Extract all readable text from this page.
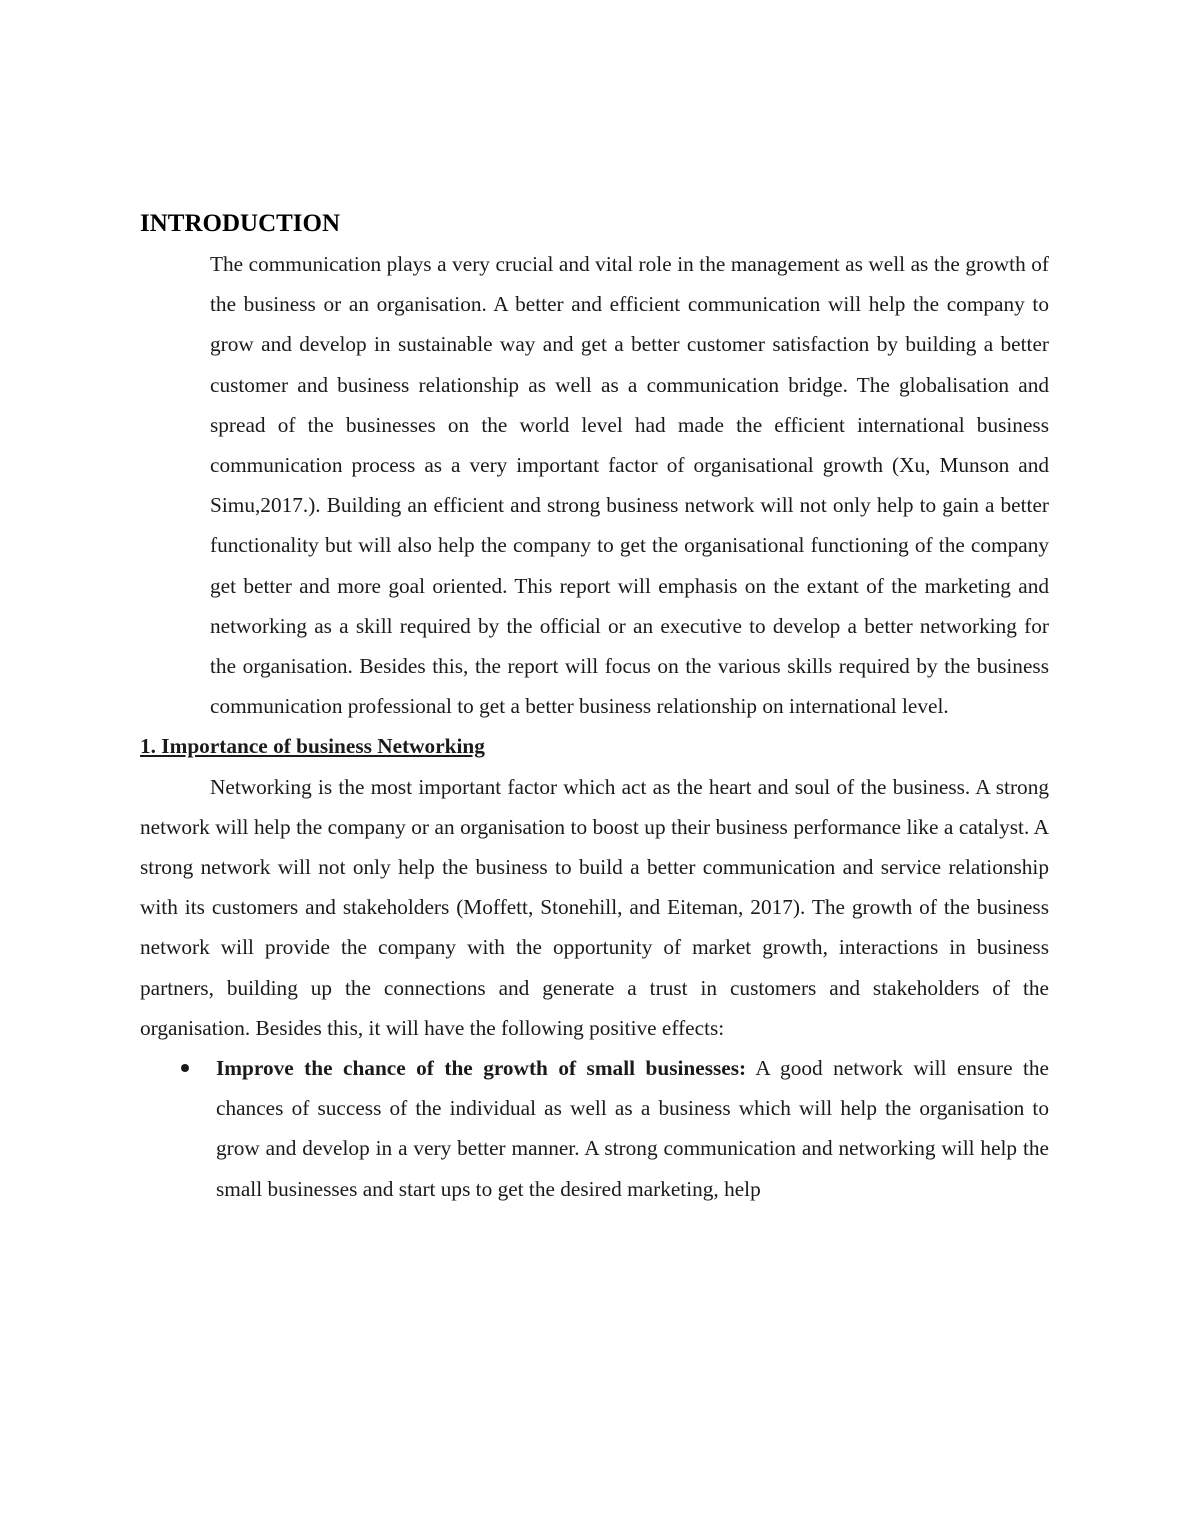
INTRODUCTION

The communication plays a very crucial and vital role in the management as well as the growth of the business or an organisation. A better and efficient communication will help the company to grow and develop in sustainable way and get a better customer satisfaction by building a better customer and business relationship as well as a communication bridge. The globalisation and spread of the businesses on the world level had made the efficient international business communication process as a very important factor of organisational growth (Xu, Munson and Simu,2017.). Building an efficient and strong business network will not only help to gain a better functionality but will also help the company to get the organisational functioning of the company get better and more goal oriented. This report will emphasis on the extant of the marketing and networking as a skill required by the official or an executive to develop a better networking for the organisation. Besides this, the report will focus on the various skills required by the business communication professional to get a better business relationship on international level.

1. Importance of business Networking

Networking is the most important factor which act as the heart and soul of the business. A strong network will help the company or an organisation to boost up their business performance like a catalyst. A strong network will not only help the business to build a better communication and service relationship with its customers and stakeholders (Moffett, Stonehill, and Eiteman, 2017). The growth of the business network will provide the company with the opportunity of market growth, interactions in business partners, building up the connections and generate a trust in customers and stakeholders of the organisation. Besides this, it will have the following positive effects:

Improve the chance of the growth of small businesses: A good network will ensure the chances of success of the individual as well as a business which will help the organisation to grow and develop in a very better manner. A strong communication and networking will help the small businesses and start ups to get the desired marketing, help
